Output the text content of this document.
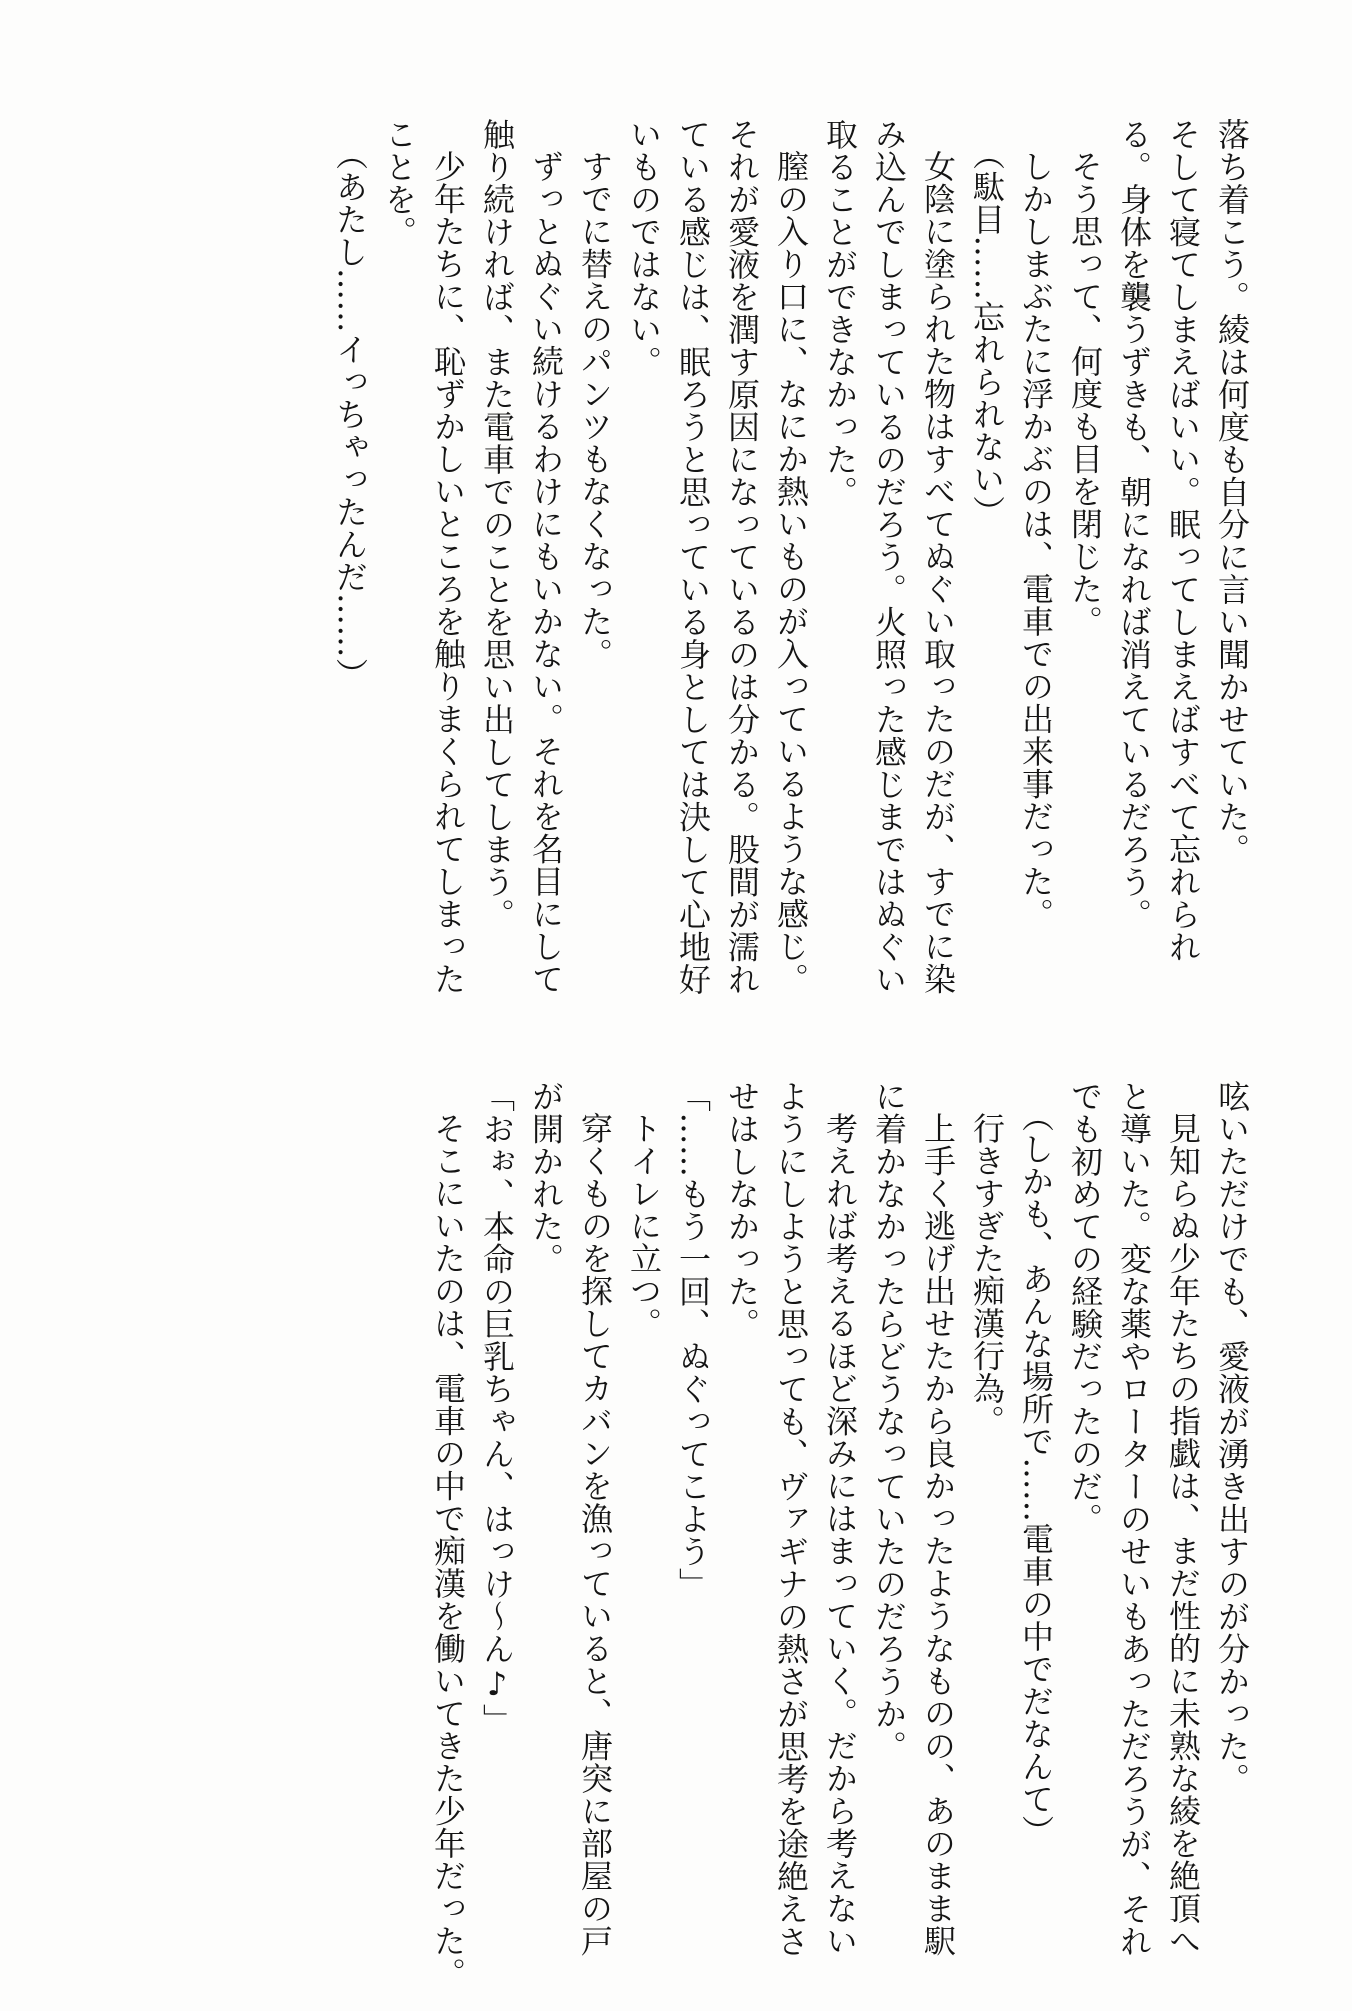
落ち着こう。綾は何度も自分に言い聞かせていた。
そして寝てしまえばいい。眠ってしまえばすべて忘れられ
る。身体を襲うずきも、朝になれば消えているだろう。
そう思って、何度も目を閉じた。
しかしまぶたに浮かぶのは、電車での出来事だった。
（駄目……忘れられない）
女陰に塗られた物はすべてぬぐい取ったのだが、すでに染
み込んでしまっているのだろう。火照った感じまではぬぐい
取ることができなかった。
膣の入り口に、なにか熱いものが入っているような感じ。
それが愛液を潤す原因になっているのは分かる。股間が濡れ
ている感じは、眠ろうと思っている身としては決して心地好
いものではない。
すでに替えのパンツもなくなった。
ずっとぬぐい続けるわけにもいかない。それを名目にして
触り続ければ、また電車でのことを思い出してしまう。
少年たちに、恥ずかしいところを触りまくられてしまった
ことを。
（あたし……イっちゃったんだ……）
呟いただけでも、愛液が湧き出すのが分かった。
見知らぬ少年たちの指戯は、まだ性的に未熟な綾を絶頂へ
と導いた。変な薬やローターのせいもあっただろうが、それ
でも初めての経験だったのだ。
（しかも、あんな場所で……電車の中でだなんて）
行きすぎた痴漢行為。
上手く逃げ出せたから良かったようなものの、あのまま駅
に着かなかったらどうなっていたのだろうか。
考えれば考えるほど深みにはまっていく。だから考えない
ようにしようと思っても、ヴァギナの熱さが思考を途絶えさ
せはしなかった。
「……もう一回、ぬぐってこよう」
トイレに立つ。
穿くものを探してカバンを漁っていると、唐突に部屋の戸
が開かれた。
「おぉ、本命の巨乳ちゃん、はっけ〜ん♪」
そこにいたのは、電車の中で痴漢を働いてきた少年だった。
